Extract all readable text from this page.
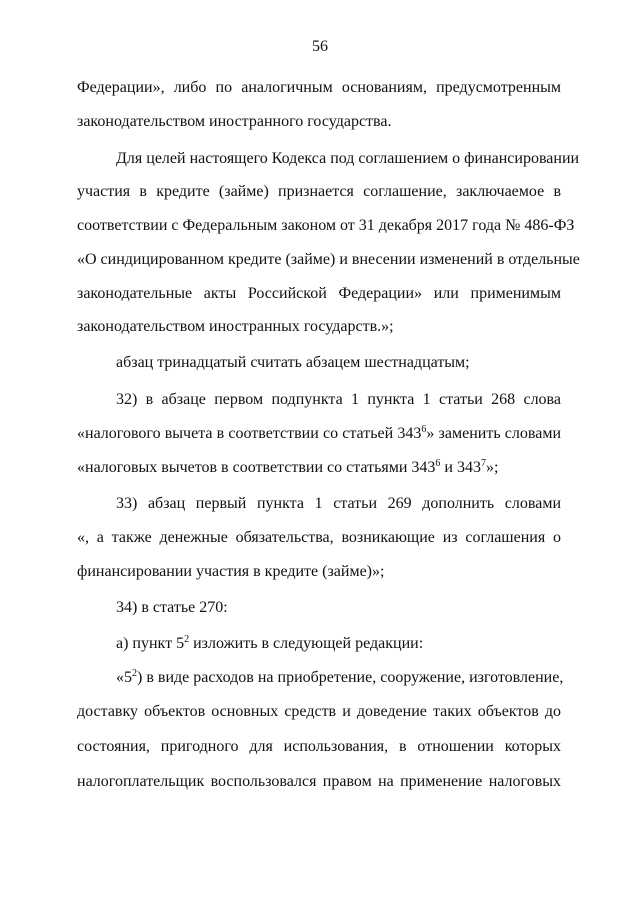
56
Федерации», либо по аналогичным основаниям, предусмотренным
законодательством иностранного государства.
Для целей настоящего Кодекса под соглашением о финансировании
участия в кредите (займе) признается соглашение, заключаемое в
соответствии с Федеральным законом от 31 декабря 2017 года № 486-ФЗ
«О синдицированном кредите (займе) и внесении изменений в отдельные
законодательные акты Российской Федерации» или применимым
законодательством иностранных государств.»;
абзац тринадцатый считать абзацем шестнадцатым;
32) в абзаце первом подпункта 1 пункта 1 статьи 268 слова
«налогового вычета в соответствии со статьей $343^6$» заменить словами
«налоговых вычетов в соответствии со статьями $343^6$ и $343^7$»;
33) абзац первый пункта 1 статьи 269 дополнить словами
«, а также денежные обязательства, возникающие из соглашения о
финансировании участия в кредите (займе)»;
34) в статье 270:
а) пункт $5^2$ изложить в следующей редакции:
«$5^2$) в виде расходов на приобретение, сооружение, изготовление,
доставку объектов основных средств и доведение таких объектов до
состояния, пригодного для использования, в отношении которых
налогоплательщик воспользовался правом на применение налоговых
